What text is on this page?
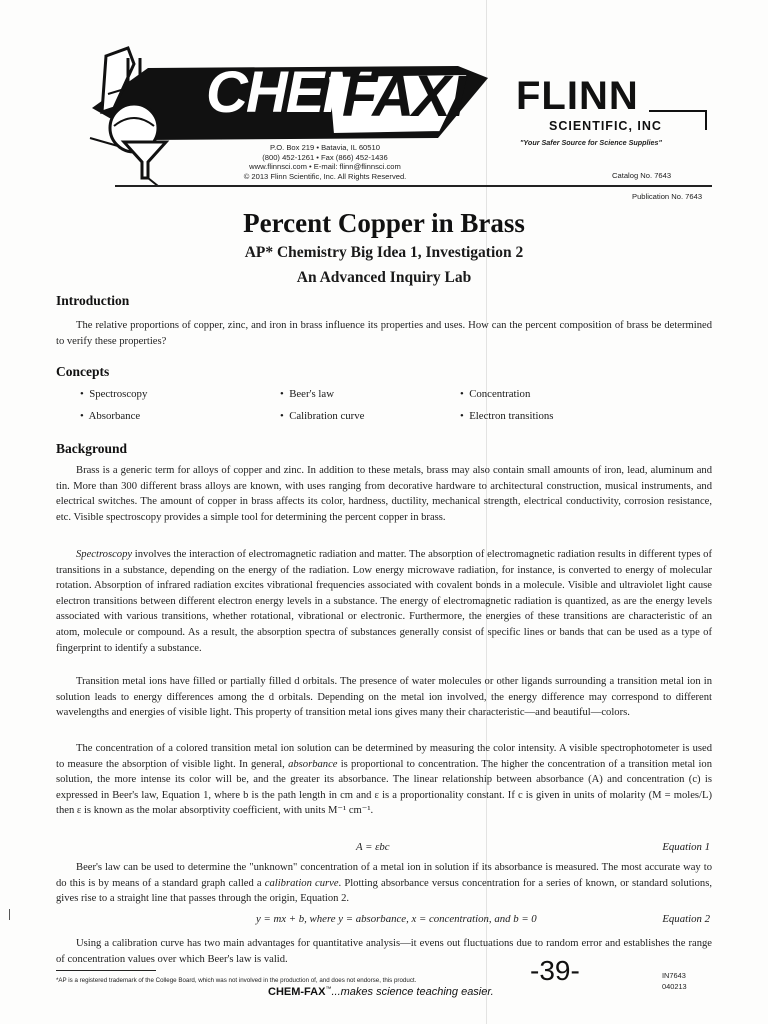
CHEM
FAX!
P.O. Box 219 • Batavia, IL 60510
(800) 452-1261 • Fax (866) 452-1436
www.flinnsci.com • E-mail: flinn@flinnsci.com
© 2013 Flinn Scientific, Inc. All Rights Reserved.
FLINN
SCIENTIFIC, INC
"Your Safer Source for Science Supplies"
Catalog No. 7643
Publication No. 7643
Percent Copper in Brass
AP* Chemistry Big Idea 1, Investigation 2
An Advanced Inquiry Lab
Introduction
The relative proportions of copper, zinc, and iron in brass influence its properties and uses. How can the percent composition of brass be determined to verify these properties?
Concepts
•  Spectroscopy	•  Beer's law	•  Concentration
•  Absorbance	•  Calibration curve	•  Electron transitions
Background
Brass is a generic term for alloys of copper and zinc. In addition to these metals, brass may also contain small amounts of iron, lead, aluminum and tin. More than 300 different brass alloys are known, with uses ranging from decorative hardware to architectural construction, musical instruments, and electrical switches. The amount of copper in brass affects its color, hardness, ductility, mechanical strength, electrical conductivity, corrosion resistance, etc. Visible spectroscopy provides a simple tool for determining the percent copper in brass.
Spectroscopy involves the interaction of electromagnetic radiation and matter. The absorption of electromagnetic radiation results in different types of transitions in a substance, depending on the energy of the radiation. Low energy microwave radiation, for instance, is converted to energy of molecular rotation. Absorption of infrared radiation excites vibrational frequencies associated with covalent bonds in a molecule. Visible and ultraviolet light cause electron transitions between different electron energy levels in a substance. The energy of electromagnetic radiation is quantized, as are the energy levels associated with various transitions, whether rotational, vibrational or electronic. Furthermore, the energies of these transitions are characteristic of an atom, molecule or compound. As a result, the absorption spectra of substances generally consist of specific lines or bands that can be used as a type of fingerprint to identify a substance.
Transition metal ions have filled or partially filled d orbitals. The presence of water molecules or other ligands surrounding a transition metal ion in solution leads to energy differences among the d orbitals. Depending on the metal ion involved, the energy difference may correspond to different wavelengths and energies of visible light. This property of transition metal ions gives many their characteristic—and beautiful—colors.
The concentration of a colored transition metal ion solution can be determined by measuring the color intensity. A visible spectrophotometer is used to measure the absorption of visible light. In general, absorbance is proportional to concentration. The higher the concentration of a transition metal ion solution, the more intense its color will be, and the greater its absorbance. The linear relationship between absorbance (A) and concentration (c) is expressed in Beer's law, Equation 1, where b is the path length in cm and ε is a proportionality constant. If c is given in units of molarity (M = moles/L) then ε is known as the molar absorptivity coefficient, with units M⁻¹ cm⁻¹.
A = εbc	Equation 1
Beer's law can be used to determine the "unknown" concentration of a metal ion in solution if its absorbance is measured. The most accurate way to do this is by means of a standard graph called a calibration curve. Plotting absorbance versus concentration for a series of known, or standard solutions, gives rise to a straight line that passes through the origin, Equation 2.
y = mx + b, where y = absorbance, x = concentration, and b = 0	Equation 2
Using a calibration curve has two main advantages for quantitative analysis—it evens out fluctuations due to random error and establishes the range of concentration values over which Beer's law is valid.
*AP is a registered trademark of the College Board, which was not involved in the production of, and does not endorse, this product.
CHEM-FAX™...makes science teaching easier.
-39-	IN7643
040213
